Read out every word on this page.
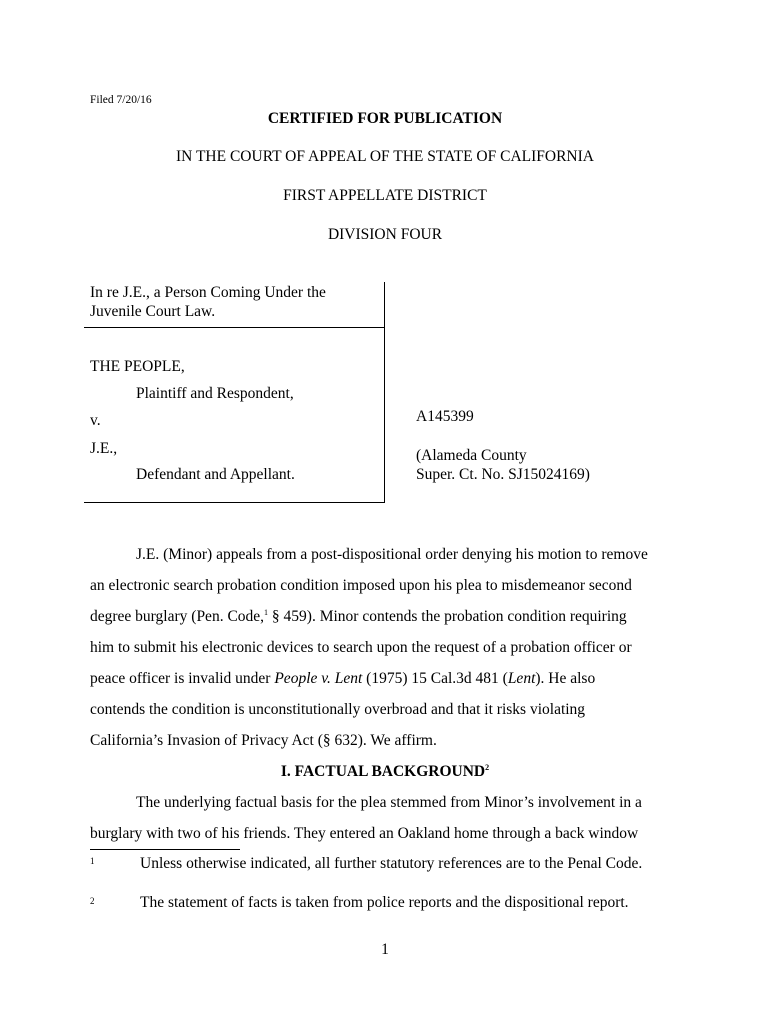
Filed 7/20/16
CERTIFIED FOR PUBLICATION
IN THE COURT OF APPEAL OF THE STATE OF CALIFORNIA
FIRST APPELLATE DISTRICT
DIVISION FOUR
In re J.E., a Person Coming Under the
Juvenile Court Law.
THE PEOPLE,
Plaintiff and Respondent,
v.
J.E.,
Defendant and Appellant.
A145399
(Alameda County
Super. Ct. No. SJ15024169)
J.E. (Minor) appeals from a post-dispositional order denying his motion to remove
an electronic search probation condition imposed upon his plea to misdemeanor second
degree burglary (Pen. Code,$^1$ § 459). Minor contends the probation condition requiring
him to submit his electronic devices to search upon the request of a probation officer or
peace officer is invalid under People v. Lent (1975) 15 Cal.3d 481 (Lent). He also
contends the condition is unconstitutionally overbroad and that it risks violating
California’s Invasion of Privacy Act (§ 632). We affirm.
I. FACTUAL BACKGROUND$^2$
The underlying factual basis for the plea stemmed from Minor’s involvement in a
burglary with two of his friends. They entered an Oakland home through a back window
1	Unless otherwise indicated, all further statutory references are to the Penal Code.
2	The statement of facts is taken from police reports and the dispositional report.
1
